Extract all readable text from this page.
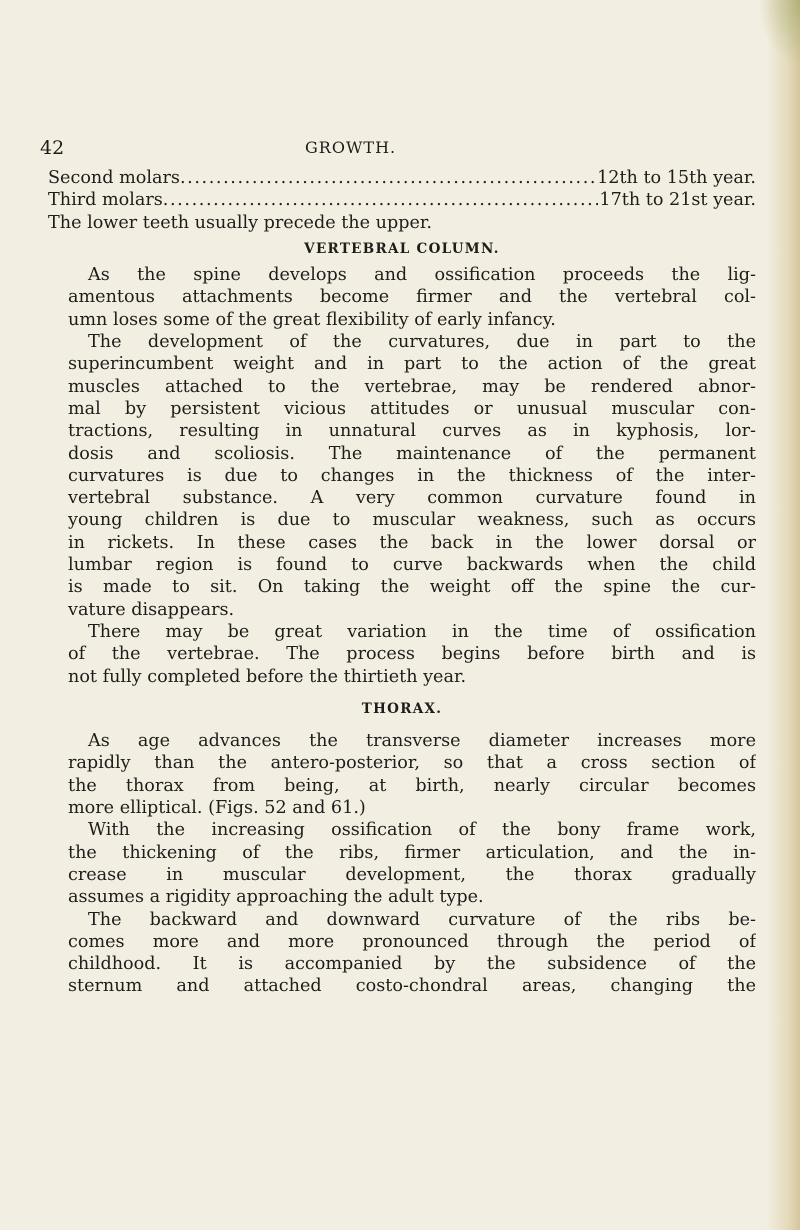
42	GROWTH.
Second molars .....	12th to 15th year.
Third molars .....	17th to 21st year.

The lower teeth usually precede the upper.

VERTEBRAL COLUMN.
As the spine develops and ossification proceeds the lig-
amentous attachments become firmer and the vertebral col-
umn loses some of the great flexibility of early infancy.
The development of the curvatures, due in part to the
superincumbent weight and in part to the action of the great
muscles attached to the vertebrae, may be rendered abnor-
mal by persistent vicious attitudes or unusual muscular con-
tractions, resulting in unnatural curves as in kyphosis, lor-
dosis and scoliosis. The maintenance of the permanent
curvatures is due to changes in the thickness of the inter-
vertebral substance. A very common curvature found in
young children is due to muscular weakness, such as occurs
in rickets. In these cases the back in the lower dorsal or
lumbar region is found to curve backwards when the child
is made to sit. On taking the weight off the spine the cur-
vature disappears.
There may be great variation in the time of ossification
of the vertebrae. The process begins before birth and is
not fully completed before the thirtieth year.
THORAX.
As age advances the transverse diameter increases more
rapidly than the antero-posterior, so that a cross section of
the thorax from being, at birth, nearly circular becomes
more elliptical. (Figs. 52 and 61.)
With the increasing ossification of the bony frame work,
the thickening of the ribs, firmer articulation, and the in-
crease in muscular development, the thorax gradually
assumes a rigidity approaching the adult type.
The backward and downward curvature of the ribs be-
comes more and more pronounced through the period of
childhood. It is accompanied by the subsidence of the
sternum and attached costo-chondral areas, changing the
